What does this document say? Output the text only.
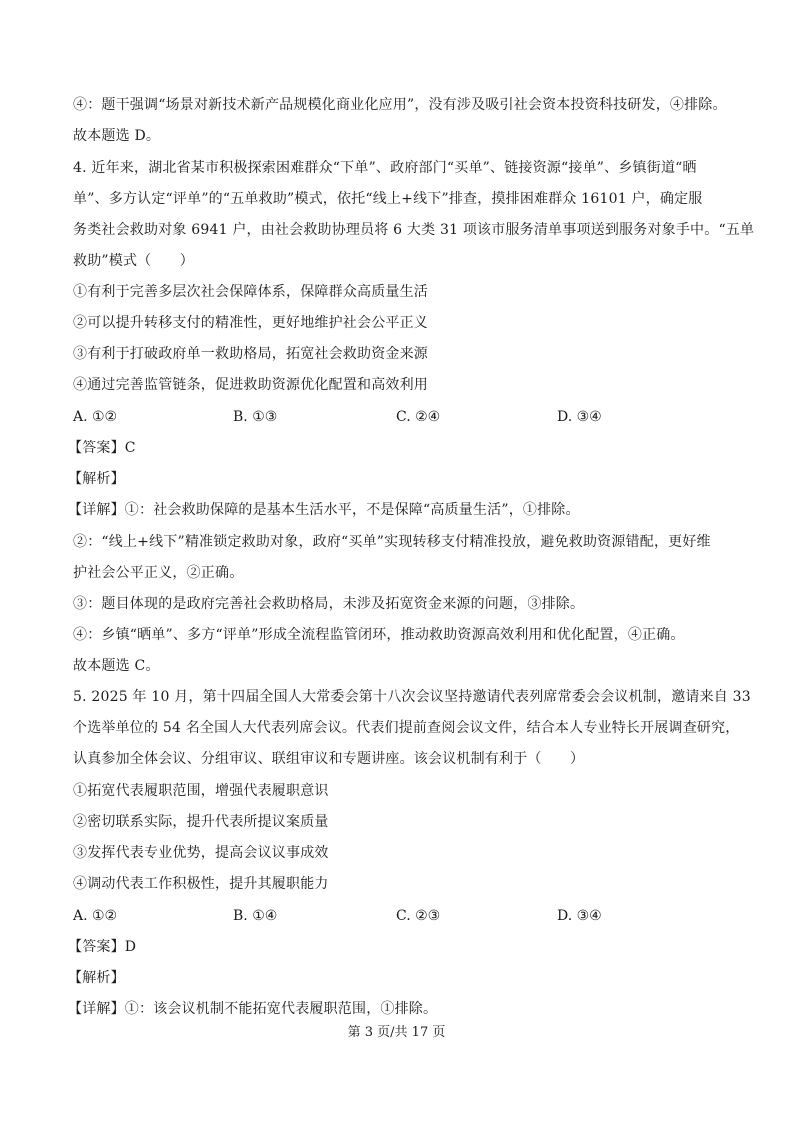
④：题干强调“场景对新技术新产品规模化商业化应用”，没有涉及吸引社会资本投资科技研发，④排除。
故本题选 D。
4. 近年来，湖北省某市积极探索困难群众“下单”、政府部门“买单”、链接资源“接单”、乡镇街道“晒
单”、多方认定“评单”的“五单救助”模式，依托“线上+线下”排查，摸排困难群众 16101 户，确定服
务类社会救助对象 6941 户，由社会救助协理员将 6 大类 31 项该市服务清单事项送到服务对象手中。“五单
救助”模式（　　）
①有利于完善多层次社会保障体系，保障群众高质量生活
②可以提升转移支付的精准性，更好地维护社会公平正义
③有利于打破政府单一救助格局，拓宽社会救助资金来源
④通过完善监管链条，促进救助资源优化配置和高效利用
A. ①②	B. ①③	C. ②④	D. ③④
【答案】C
【解析】
【详解】①：社会救助保障的是基本生活水平，不是保障“高质量生活”，①排除。
②：“线上+线下”精准锁定救助对象，政府“买单”实现转移支付精准投放，避免救助资源错配，更好维
护社会公平正义，②正确。
③：题目体现的是政府完善社会救助格局，未涉及拓宽资金来源的问题，③排除。
④：乡镇“晒单”、多方“评单”形成全流程监管闭环，推动救助资源高效利用和优化配置，④正确。
故本题选 C。
5. 2025 年 10 月，第十四届全国人大常委会第十八次会议坚持邀请代表列席常委会会议机制，邀请来自 33
个选举单位的 54 名全国人大代表列席会议。代表们提前查阅会议文件，结合本人专业特长开展调查研究，
认真参加全体会议、分组审议、联组审议和专题讲座。该会议机制有利于（　　）
①拓宽代表履职范围，增强代表履职意识
②密切联系实际，提升代表所提议案质量
③发挥代表专业优势，提高会议议事成效
④调动代表工作积极性，提升其履职能力
A. ①②	B. ①④	C. ②③	D. ③④
【答案】D
【解析】
【详解】①：该会议机制不能拓宽代表履职范围，①排除。
第 3 页/共 17 页
